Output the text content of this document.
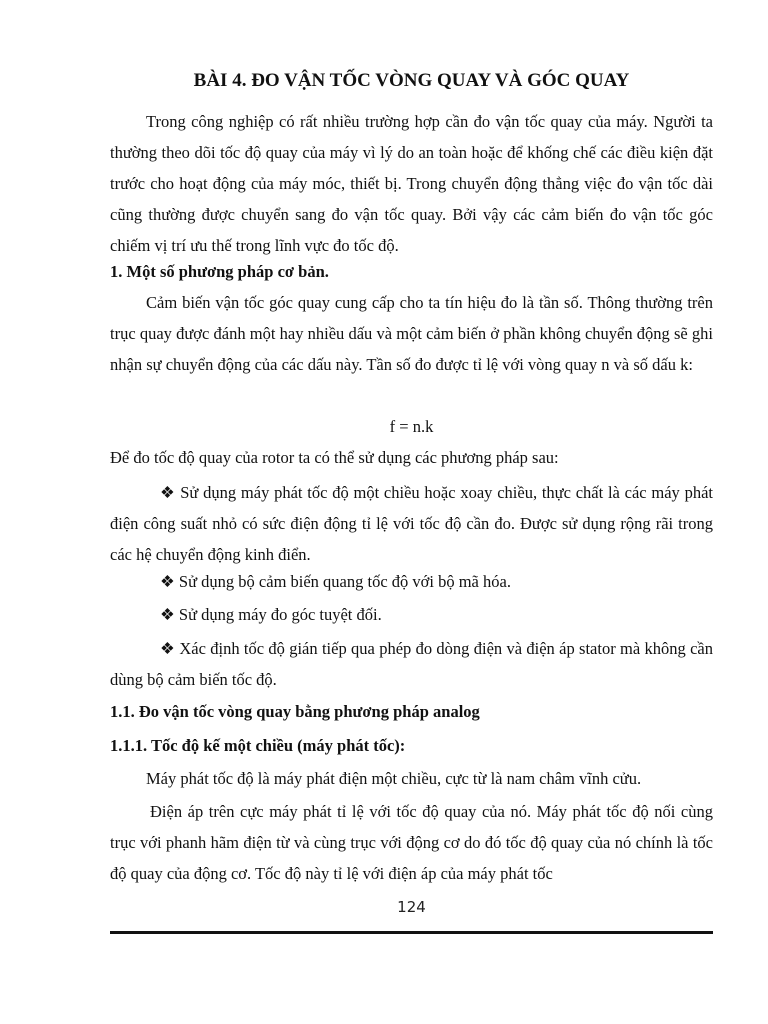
BÀI 4. ĐO VẬN TỐC VÒNG QUAY VÀ GÓC QUAY

Trong công nghiệp có rất nhiều trường hợp cần đo vận tốc quay của máy. Người ta thường theo dõi tốc độ quay của máy vì lý do an toàn hoặc để khống chế các điều kiện đặt trước cho hoạt động của máy móc, thiết bị. Trong chuyển động thẳng việc đo vận tốc dài cũng thường được chuyển sang đo vận tốc quay. Bởi vậy các cảm biến đo vận tốc góc chiếm vị trí ưu thế trong lĩnh vực đo tốc độ.

1. Một số phương pháp cơ bản.

Cảm biến vận tốc góc quay cung cấp cho ta tín hiệu đo là tần số. Thông thường trên trục quay được đánh một hay nhiều dấu và một cảm biến ở phần không chuyển động sẽ ghi nhận sự chuyển động của các dấu này. Tần số đo được tỉ lệ với vòng quay n và số dấu k:

f = n.k

Để đo tốc độ quay của rotor ta có thể sử dụng các phương pháp sau:

❖ Sử dụng máy phát tốc độ một chiều hoặc xoay chiều, thực chất là các máy phát điện công suất nhỏ có sức điện động tỉ lệ với tốc độ cần đo. Được sử dụng rộng rãi trong các hệ chuyển động kinh điển.

❖ Sử dụng bộ cảm biến quang tốc độ với bộ mã hóa.

❖ Sử dụng máy đo góc tuyệt đối.

❖ Xác định tốc độ gián tiếp qua phép đo dòng điện và điện áp stator mà không cần dùng bộ cảm biến tốc độ.

1.1. Đo vận tốc vòng quay bằng phương pháp analog

1.1.1. Tốc độ kế một chiều (máy phát tốc):

Máy phát tốc độ là máy phát điện một chiều, cực từ là nam châm vĩnh cửu.

Điện áp trên cực máy phát tỉ lệ với tốc độ quay của nó. Máy phát tốc độ nối cùng trục với phanh hãm điện từ và cùng trục với động cơ do đó tốc độ quay của nó chính là tốc độ quay của động cơ. Tốc độ này tỉ lệ với điện áp của máy phát tốc

124
